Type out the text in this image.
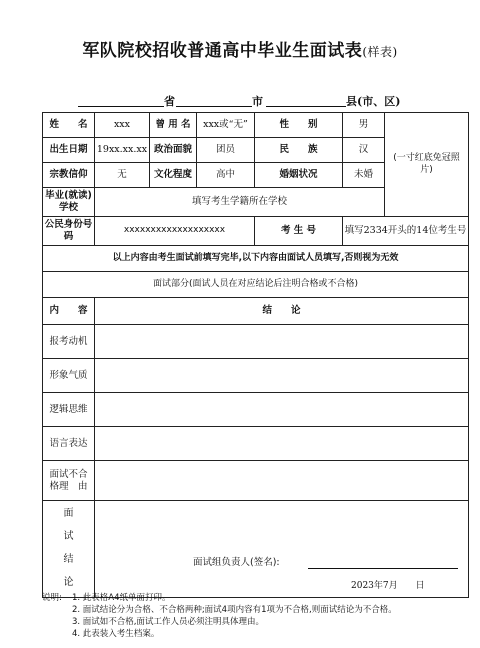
军队院校招收普通高中毕业生面试表(样表)
省	市	县(市、区)
姓　　名	xxx	曾 用 名	xxx或“无”	性　　别	男	(一寸红底免冠照片)
出生日期	19xx.xx.xx	政治面貌	团员	民　　族	汉	
宗教信仰	无	文化程度	高中	婚姻状况	未婚	
毕业(就读)学校	填写考生学籍所在学校					
公民身份号　　码	xxxxxxxxxxxxxxxxxxx			考 生 号	填写2334开头的14位考生号	
以上内容由考生面试前填写完毕,以下内容由面试人员填写,否则视为无效						
面试部分(面试人员在对应结论后注明合格或不合格)						
内　　容	结　　论					
报考动机						
形象气质						
逻辑思维						
语言表达						
面试不合格理　由						

面
试
结
论	面试组负责人(签名):
2023年7月　　日					
说明:	1. 此表格A4纸单面打印。
2. 面试结论分为合格、不合格两种;面试4项内容有1项为不合格,则面试结论为不合格。
3. 面试如不合格,面试工作人员必须注明具体理由。
4. 此表装入考生档案。
